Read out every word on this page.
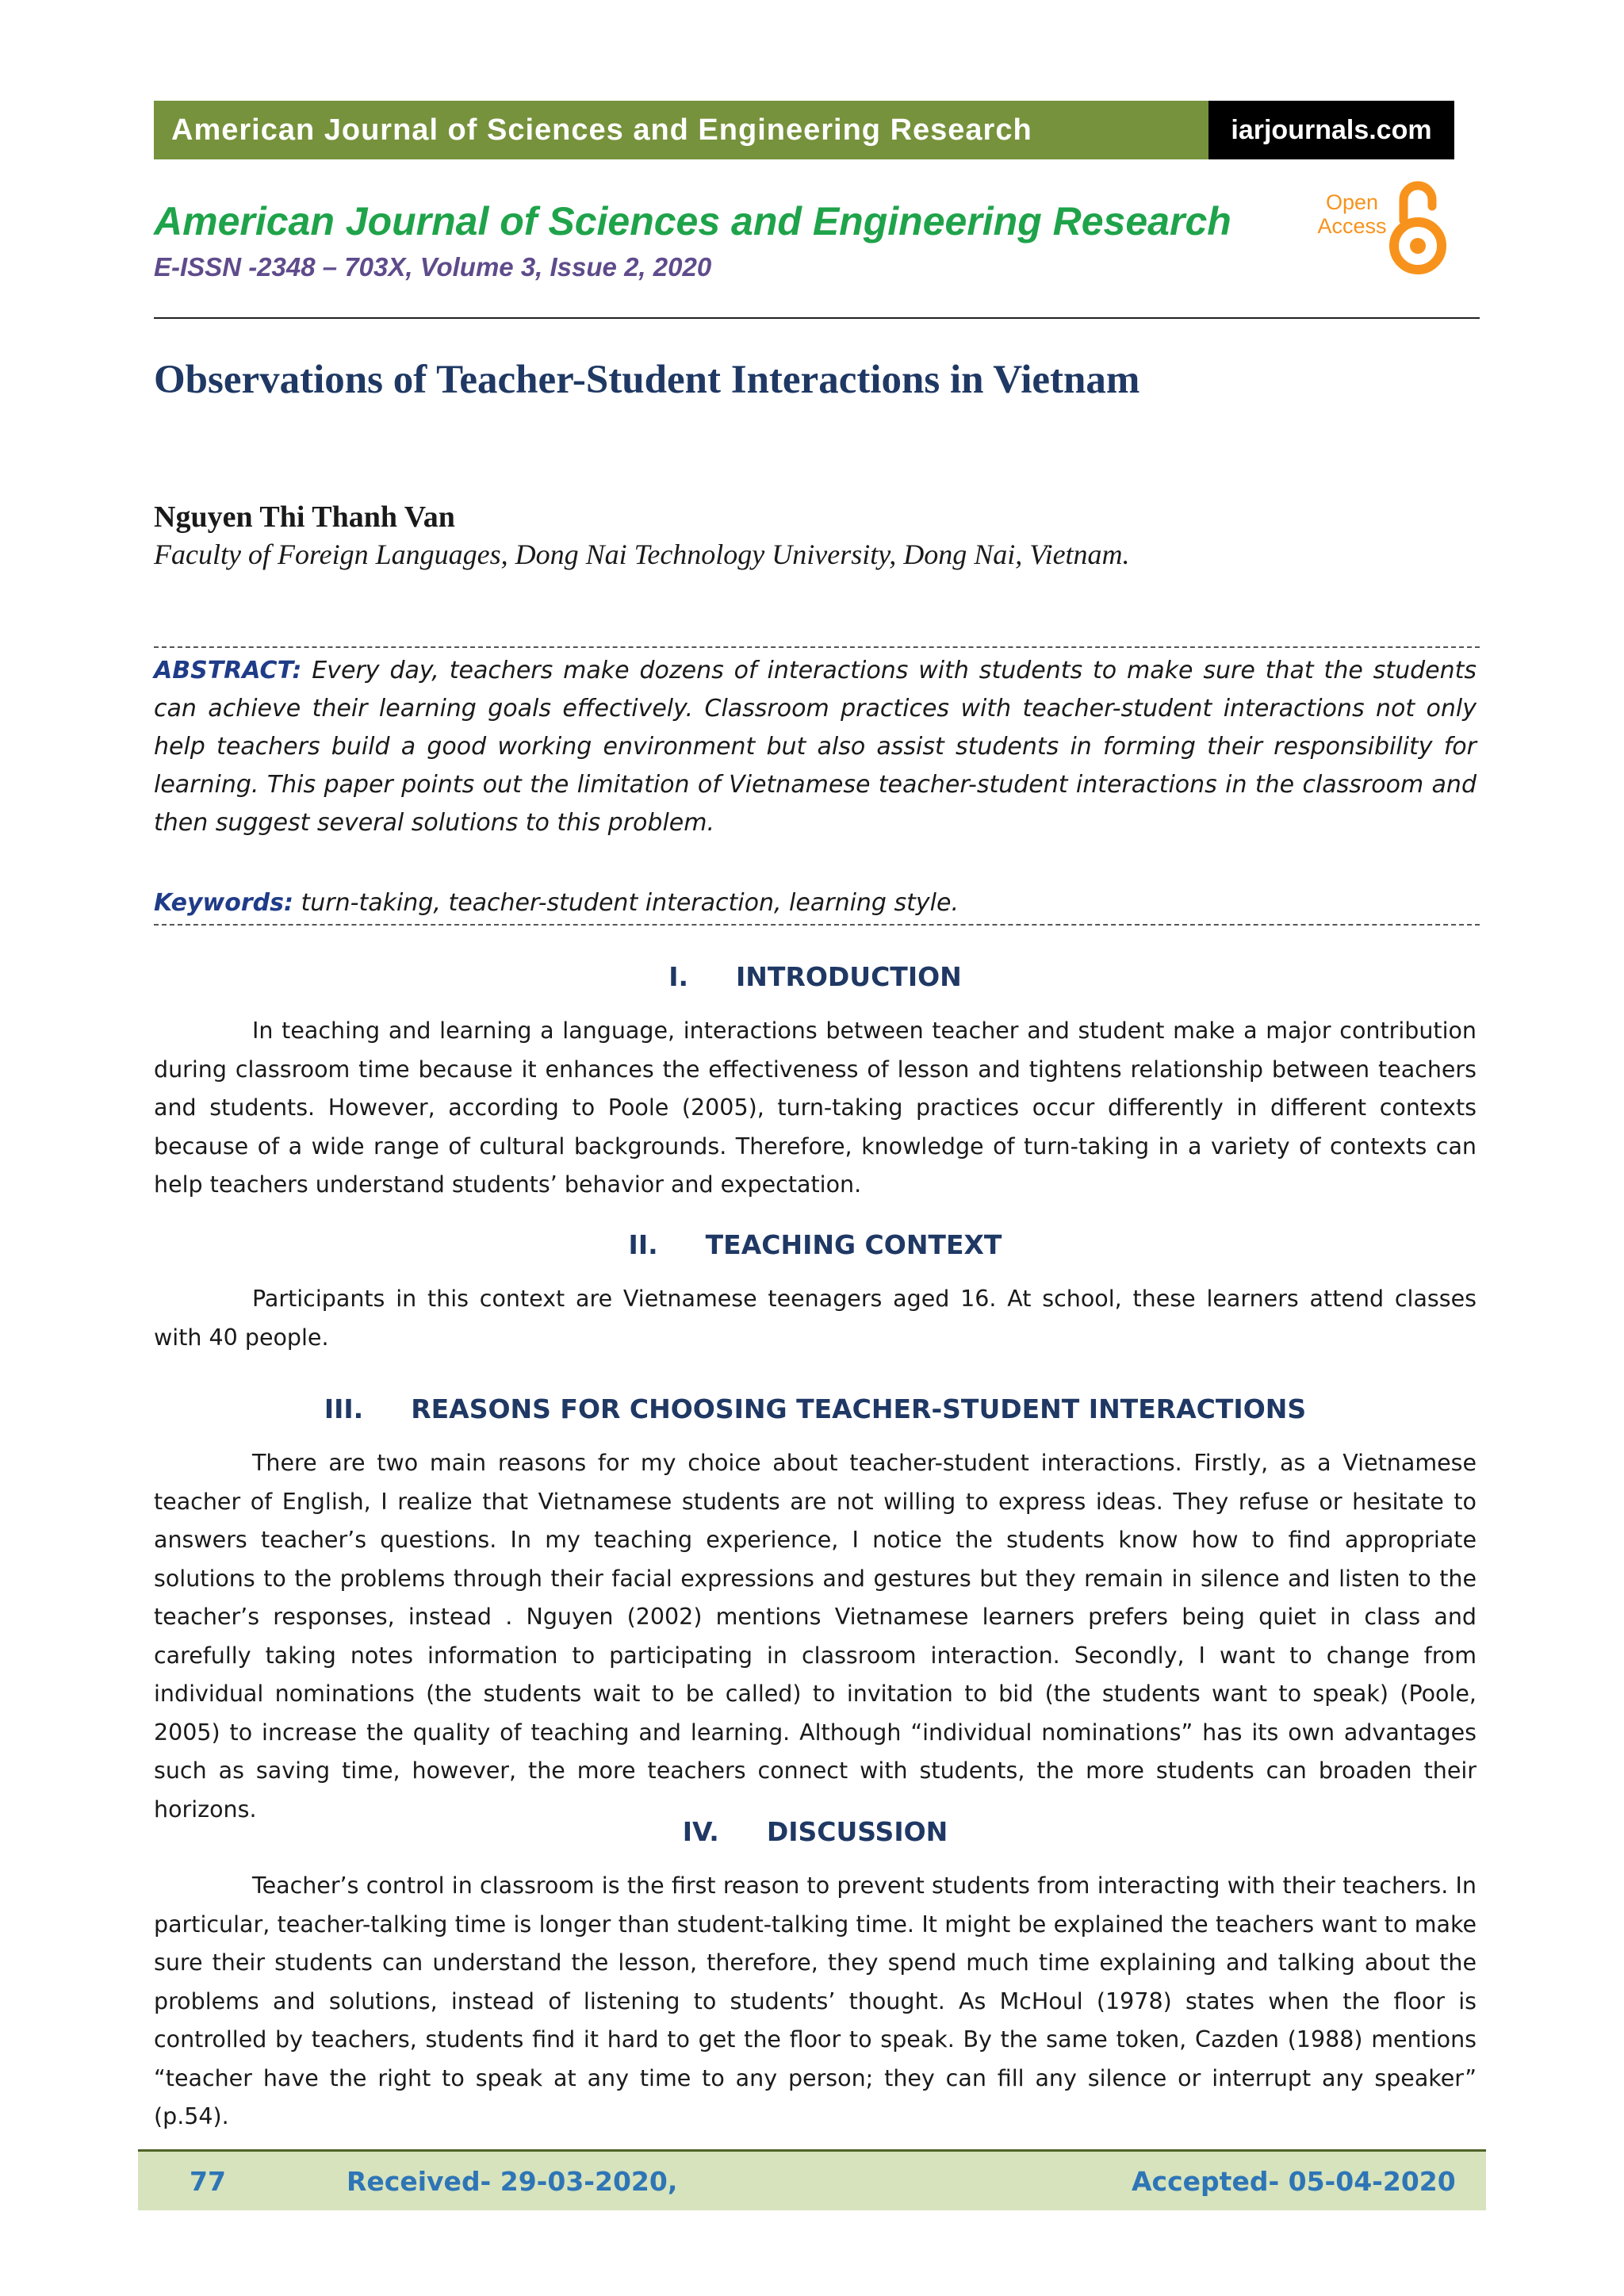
American Journal of Sciences and Engineering Research	iarjournals.com
American Journal of Sciences and Engineering Research
E-ISSN -2348 – 703X, Volume 3, Issue 2, 2020
Open
Access
Observations of Teacher-Student Interactions in Vietnam
Nguyen Thi Thanh Van
Faculty of Foreign Languages, Dong Nai Technology University, Dong Nai, Vietnam.
ABSTRACT: Every day, teachers make dozens of interactions with students to make sure that the students can achieve their learning goals effectively. Classroom practices with teacher-student interactions not only help teachers build a good working environment but also assist students in forming their responsibility for learning. This paper points out the limitation of Vietnamese teacher-student interactions in the classroom and then suggest several solutions to this problem.
Keywords: turn-taking, teacher-student interaction, learning style.
I. INTRODUCTION
In teaching and learning a language, interactions between teacher and student make a major contribution during classroom time because it enhances the effectiveness of lesson and tightens relationship between teachers and students. However, according to Poole (2005), turn-taking practices occur differently in different contexts because of a wide range of cultural backgrounds. Therefore, knowledge of turn-taking in a variety of contexts can help teachers understand students’ behavior and expectation.
II. TEACHING CONTEXT
Participants in this context are Vietnamese teenagers aged 16. At school, these learners attend classes with 40 people.
III. REASONS FOR CHOOSING TEACHER-STUDENT INTERACTIONS
There are two main reasons for my choice about teacher-student interactions. Firstly, as a Vietnamese teacher of English, I realize that Vietnamese students are not willing to express ideas. They refuse or hesitate to answers teacher’s questions. In my teaching experience, I notice the students know how to find appropriate solutions to the problems through their facial expressions and gestures but they remain in silence and listen to the teacher’s responses, instead . Nguyen (2002) mentions Vietnamese learners prefers being quiet in class and carefully taking notes information to participating in classroom interaction. Secondly, I want to change from individual nominations (the students wait to be called) to invitation to bid (the students want to speak) (Poole, 2005) to increase the quality of teaching and learning. Although “individual nominations” has its own advantages such as saving time, however, the more teachers connect with students, the more students can broaden their horizons.
IV. DISCUSSION
Teacher’s control in classroom is the first reason to prevent students from interacting with their teachers. In particular, teacher-talking time is longer than student-talking time. It might be explained the teachers want to make sure their students can understand the lesson, therefore, they spend much time explaining and talking about the problems and solutions, instead of listening to students’ thought. As McHoul (1978) states when the floor is controlled by teachers, students find it hard to get the floor to speak. By the same token, Cazden (1988) mentions “teacher have the right to speak at any time to any person; they can fill any silence or interrupt any speaker” (p.54).
77	Received- 29-03-2020,	Accepted- 05-04-2020
